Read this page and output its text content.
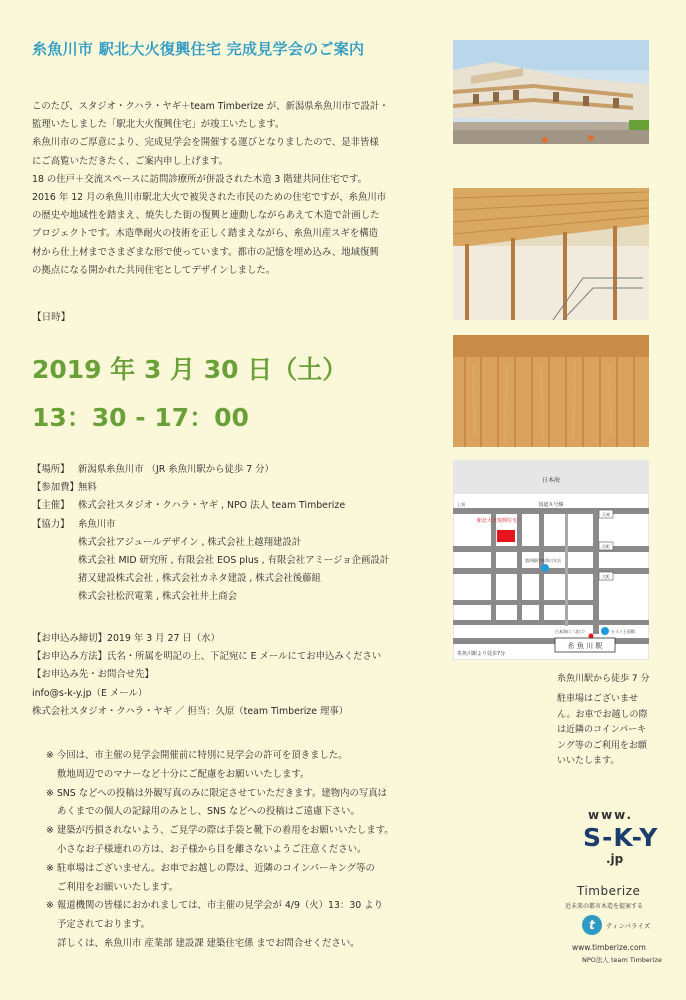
糸魚川市 駅北大火復興住宅 完成見学会のご案内

このたび、スタジオ・クハラ・ヤギ＋team Timberize が、新潟県糸魚川市で設計・

監理いたしました「駅北大火復興住宅」が竣工いたします。

糸魚川市のご厚意により、完成見学会を開催する運びとなりましたので、是非皆様

にご高覧いただきたく、ご案内申し上げます。

18 の住戸＋交流スペースに訪問診療所が併設された木造 3 階建共同住宅です。

2016 年 12 月の糸魚川市駅北大火で被災された市民のための住宅ですが、糸魚川市

の歴史や地域性を踏まえ、焼失した街の復興と連動しながらあえて木造で計画した

プロジェクトです。木造準耐火の技術を正しく踏まえながら、糸魚川産スギを構造

材から仕上材までさまざまな形で使っています。都市の記憶を埋め込み、地域復興

の拠点になる開かれた共同住宅としてデザインしました。

【日時】
2019 年 3 月 30 日（土）
13：30 - 17：00
【場所】 新潟県糸魚川市 （JR 糸魚川駅から徒歩 7 分）
【参加費】 無料
【主催】 株式会社スタジオ・クハラ・ヤギ , NPO 法人 team Timberize
【協力】 糸魚川市
株式会社アジュールデザイン , 株式会社上越翔建設計
株式会社 MID 研究所 , 有限会社 EOS plus , 有限会社アミージョ企画設計
猪又建設株式会社 , 株式会社カネタ建設 , 株式会社後藤組
株式会社松沢電業 , 株式会社井上商会
【お申込み締切】2019 年 3 月 27 日（水）
【お申込み方法】氏名・所属を明記の上、下記宛に E メールにてお申込みください
【お申込み先・お問合せ先】
info@s-k-y.jp（E メール）
株式会社スタジオ・クハラ・ヤギ ／ 担当：久原（team Timberize 理事）
※ 今回は、市主催の見学会開催前に特別に見学会の許可を頂きました。
敷地周辺でのマナーなど十分にご配慮をお願いいたします。
※ SNS などへの投稿は外観写真のみに限定させていただきます。建物内の写真は
あくまでの個人の記録用のみとし、SNS などへの投稿はご遠慮下さい。
※ 建築が汚損されないよう、ご見学の際は手袋と靴下の着用をお願いいたします。
小さなお子様連れの方は、お子様から目を離さないようご注意ください。
※ 駐車場はございません。お車でお越しの際は、近隣のコインパーキング等の
ご利用をお願いいたします。
※ 報道機関の皆様におかれましては、市主催の見学会が 4/9（火）13：30 より
予定されております。
詳しくは、糸魚川市 産業部 建設課 建築住宅係 までお問合せください。
日本海
国道８号線
上刈
天神
岳町
大町
駅北大火復興住宅
第四銀行糸魚川支店
ヒスイ王国館
日本海口（北口）
糸 魚 川 駅
糸魚川駅より徒歩7分
糸魚川駅から徒歩 7 分
駐車場はございませ
ん。お車でお越しの際
は近隣のコインパーキ
ング等のご利用をお願
いいたします。
www.
S-K-Y
.jp
Timberize
近未来の都市木造を提案する
t	ティンバライズ
www.timberize.com
NPO法人 team Timberize
